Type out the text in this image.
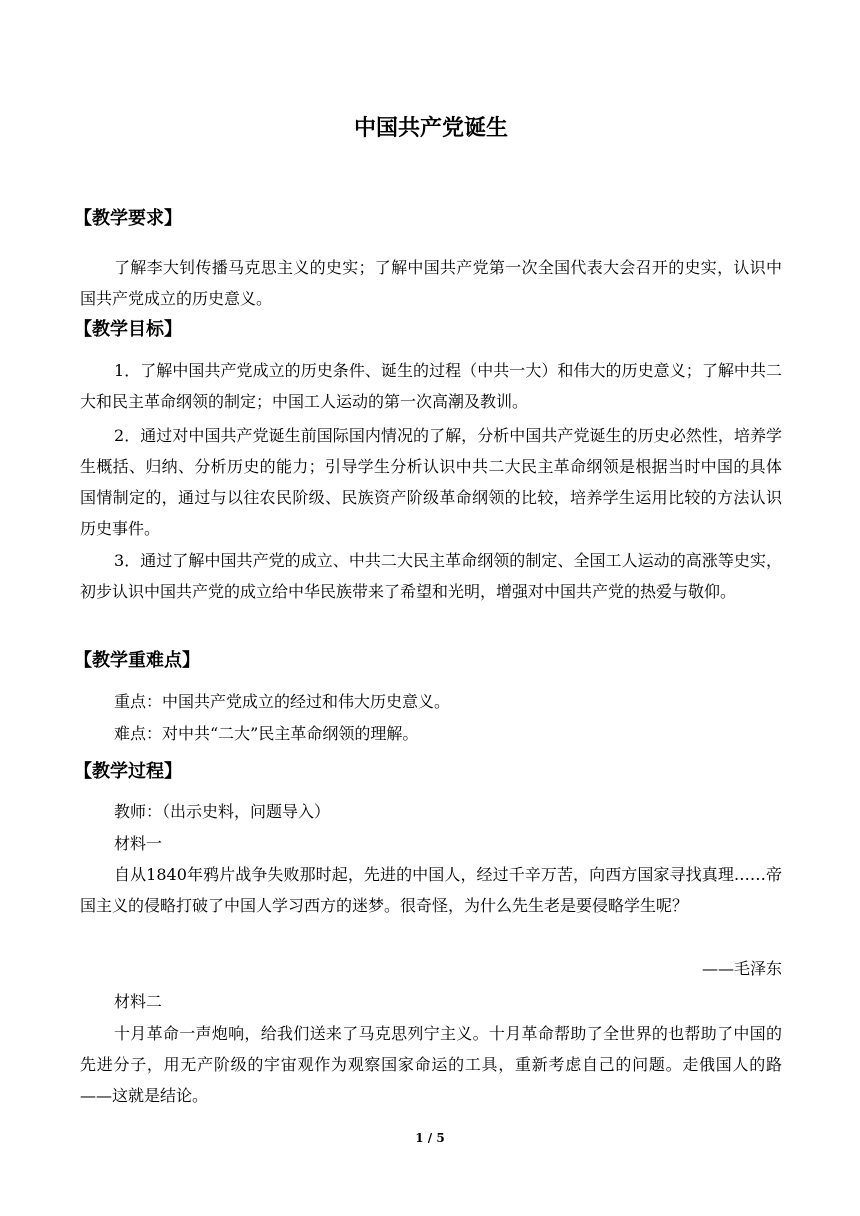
中国共产党诞生
【教学要求】

了解李大钊传播马克思主义的史实；了解中国共产党第一次全国代表大会召开的史实，认识中国共产党成立的历史意义。

【教学目标】

1．了解中国共产党成立的历史条件、诞生的过程（中共一大）和伟大的历史意义；了解中共二大和民主革命纲领的制定；中国工人运动的第一次高潮及教训。

2．通过对中国共产党诞生前国际国内情况的了解，分析中国共产党诞生的历史必然性，培养学生概括、归纳、分析历史的能力；引导学生分析认识中共二大民主革命纲领是根据当时中国的具体国情制定的，通过与以往农民阶级、民族资产阶级革命纲领的比较，培养学生运用比较的方法认识历史事件。

3．通过了解中国共产党的成立、中共二大民主革命纲领的制定、全国工人运动的高涨等史实，初步认识中国共产党的成立给中华民族带来了希望和光明，增强对中国共产党的热爱与敬仰。

【教学重难点】

重点：中国共产党成立的经过和伟大历史意义。

难点：对中共“二大”民主革命纲领的理解。

【教学过程】

教师：（出示史料，问题导入）

材料一

自从1840年鸦片战争失败那时起，先进的中国人，经过千辛万苦，向西方国家寻找真理……帝国主义的侵略打破了中国人学习西方的迷梦。很奇怪，为什么先生老是要侵略学生呢？

——毛泽东

材料二

十月革命一声炮响，给我们送来了马克思列宁主义。十月革命帮助了全世界的也帮助了中国的先进分子，用无产阶级的宇宙观作为观察国家命运的工具，重新考虑自己的问题。走俄国人的路——这就是结论。

1 / 5
